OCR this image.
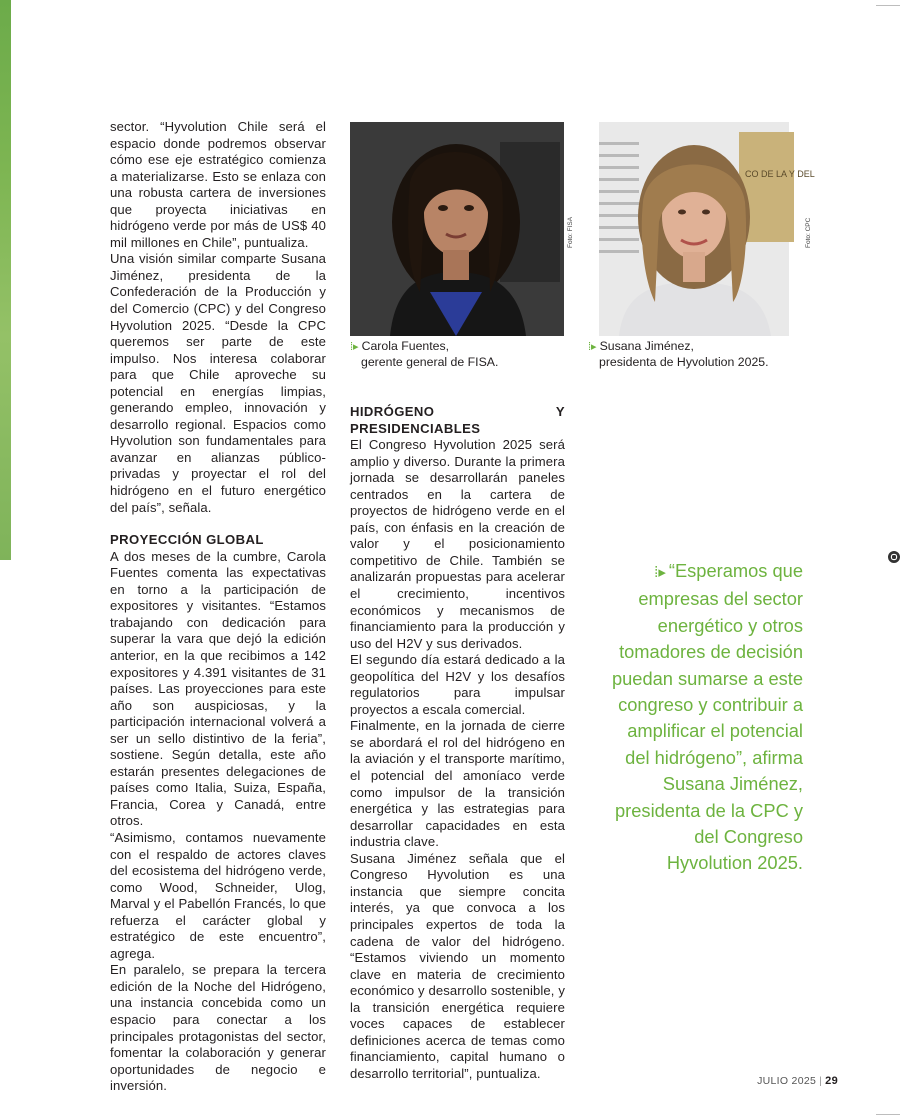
sector. “Hyvolution Chile será el espacio donde podremos observar cómo ese eje estratégico comienza a materializarse. Esto se enlaza con una robusta cartera de inversiones que proyecta iniciativas en hidrógeno verde por más de US$ 40 mil millones en Chile”, puntualiza.

Una visión similar comparte Susana Jiménez, presidenta de la Confederación de la Producción y del Comercio (CPC) y del Congreso Hyvolution 2025. “Desde la CPC queremos ser parte de este impulso. Nos interesa colaborar para que Chile aproveche su potencial en energías limpias, generando empleo, innovación y desarrollo regional. Espacios como Hyvolution son fundamentales para avanzar en alianzas público-privadas y proyectar el rol del hidrógeno en el futuro energético del país”, señala.

PROYECCIÓN GLOBAL

A dos meses de la cumbre, Carola Fuentes comenta las expectativas en torno a la participación de expositores y visitantes. “Estamos trabajando con dedicación para superar la vara que dejó la edición anterior, en la que recibimos a 142 expositores y 4.391 visitantes de 31 países. Las proyecciones para este año son auspiciosas, y la participación internacional volverá a ser un sello distintivo de la feria”, sostiene. Según detalla, este año estarán presentes delegaciones de países como Italia, Suiza, España, Francia, Corea y Canadá, entre otros.

“Asimismo, contamos nuevamente con el respaldo de actores claves del ecosistema del hidrógeno verde, como Wood, Schneider, Ulog, Marval y el Pabellón Francés, lo que refuerza el carácter global y estratégico de este encuentro”, agrega.

En paralelo, se prepara la tercera edición de la Noche del Hidrógeno, una instancia concebida como un espacio para conectar a los principales protagonistas del sector, fomentar la colaboración y generar oportunidades de negocio e inversión.

Foto: FISA
CO DE LA Y DEL
Foto: CPC
⁞▸ Carola Fuentes,
gerente general de FISA.
⁞▸ Susana Jiménez,
presidenta de Hyvolution 2025.

HIDRÓGENO Y PRESIDENCIABLES

El Congreso Hyvolution 2025 será amplio y diverso. Durante la primera jornada se desarrollarán paneles centrados en la cartera de proyectos de hidrógeno verde en el país, con énfasis en la creación de valor y el posicionamiento competitivo de Chile. También se analizarán propuestas para acelerar el crecimiento, incentivos económicos y mecanismos de financiamiento para la producción y uso del H2V y sus derivados.

El segundo día estará dedicado a la geopolítica del H2V y los desafíos regulatorios para impulsar proyectos a escala comercial.

Finalmente, en la jornada de cierre se abordará el rol del hidrógeno en la aviación y el transporte marítimo, el potencial del amoníaco verde como impulsor de la transición energética y las estrategias para desarrollar capacidades en esta industria clave.

Susana Jiménez señala que el Congreso Hyvolution es una instancia que siempre concita interés, ya que convoca a los principales expertos de toda la cadena de valor del hidrógeno. “Estamos viviendo un momento clave en materia de crecimiento económico y desarrollo sostenible, y la transición energética requiere voces capaces de establecer definiciones acerca de temas como financiamiento, capital humano o desarrollo territorial”, puntualiza.

⁞▸ “Esperamos que empresas del sector energético y otros tomadores de decisión puedan sumarse a este congreso y contribuir a amplificar el potencial del hidrógeno”, afirma Susana Jiménez, presidenta de la CPC y del Congreso Hyvolution 2025.
JULIO 2025 | 29
